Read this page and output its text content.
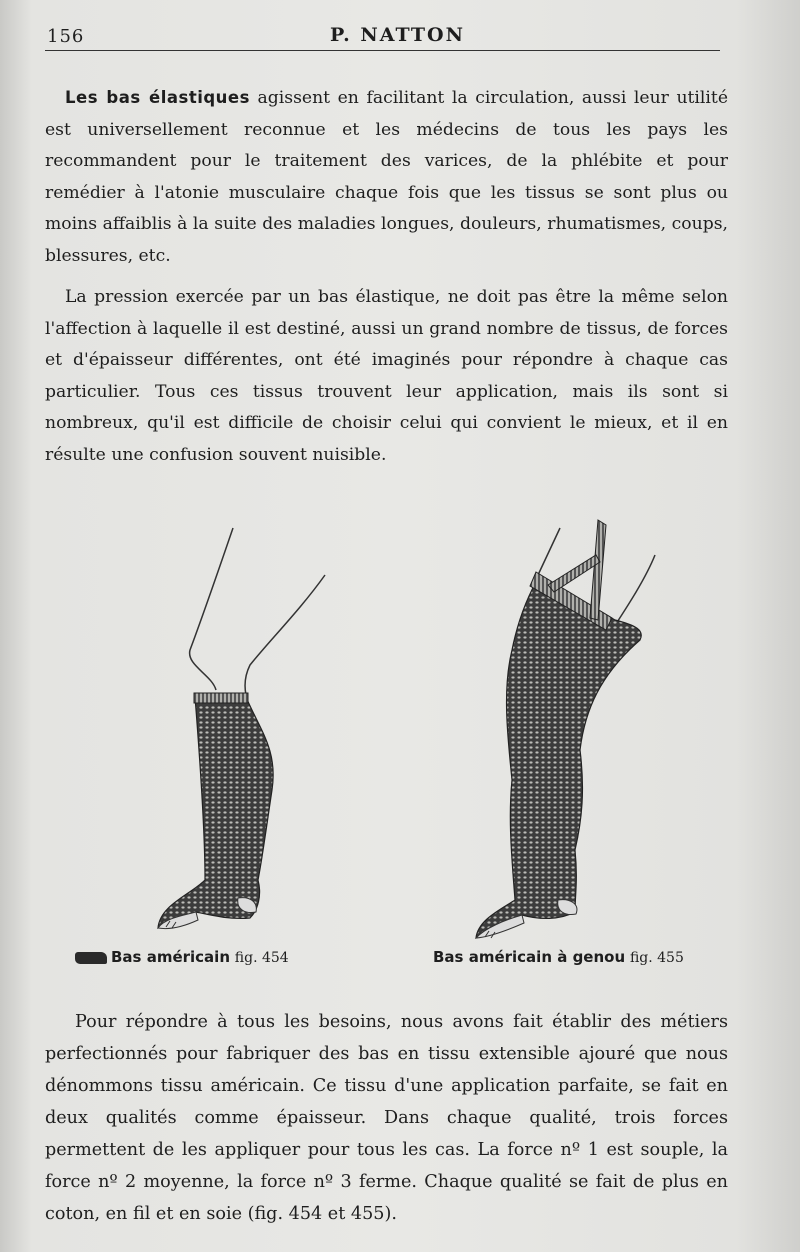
156	P. NATTON

Les bas élastiques agissent en facilitant la circulation, aussi leur utilité est universellement reconnue et les médecins de tous les pays les recommandent pour le traitement des varices, de la phlébite et pour remédier à l'atonie musculaire chaque fois que les tissus se sont plus ou moins affaiblis à la suite des maladies longues, douleurs, rhumatismes, coups, blessures, etc.

La pression exercée par un bas élastique, ne doit pas être la même selon l'affection à laquelle il est destiné, aussi un grand nombre de tissus, de forces et d'épaisseur différentes, ont été imaginés pour répondre à chaque cas particulier. Tous ces tissus trouvent leur application, mais ils sont si nombreux, qu'il est difficile de choisir celui qui convient le mieux, et il en résulte une confusion souvent nuisible.

Bas américain fig. 454	Bas américain à genou fig. 455

Pour répondre à tous les besoins, nous avons fait établir des métiers perfectionnés pour fabriquer des bas en tissu extensible ajouré que nous dénommons tissu américain. Ce tissu d'une application parfaite, se fait en deux qualités comme épaisseur. Dans chaque qualité, trois forces permettent de les appliquer pour tous les cas. La force nº 1 est souple, la force nº 2 moyenne, la force nº 3 ferme. Chaque qualité se fait de plus en coton, en fil et en soie (fig. 454 et 455).
